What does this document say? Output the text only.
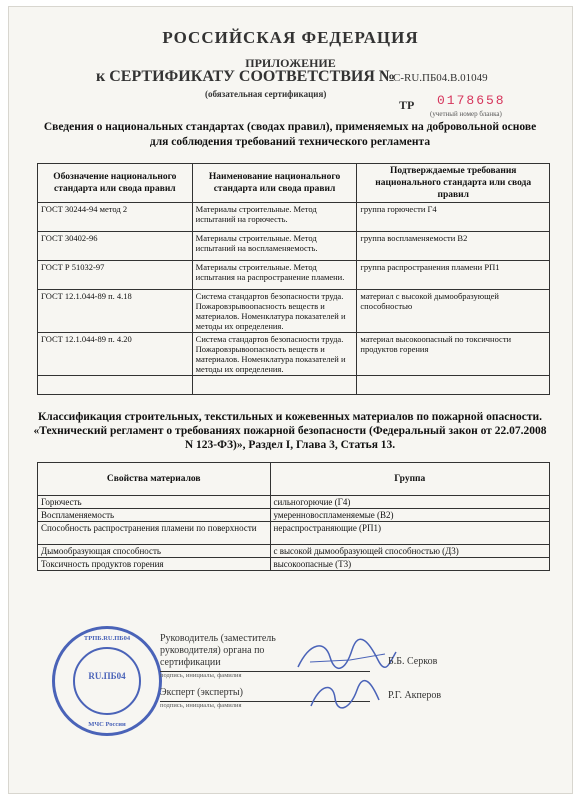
РОССИЙСКАЯ ФЕДЕРАЦИЯ
ПРИЛОЖЕНИЕ
к СЕРТИФИКАТУ СООТВЕТСТВИЯ №
C-RU.ПБ04.В.01049
(обязательная сертификация)
ТР 0178658
(учетный номер бланка)
Сведения о национальных стандартах (сводах правил), применяемых на добровольной основе для соблюдения требований технического регламента
Обозначение национального стандарта или свода правил	Наименование национального стандарта или свода правил	Подтверждаемые требования национального стандарта или свода правил
ГОСТ 30244-94 метод 2	Материалы строительные. Метод испытаний на горючесть.	группа горючести Г4
ГОСТ 30402-96	Материалы строительные. Метод испытаний на воспламеняемость.	группа воспламеняемости В2
ГОСТ Р 51032-97	Материалы строительные. Метод испытания на распространение пламени.	группа распространения пламени РП1
ГОСТ 12.1.044-89 п. 4.18	Система стандартов безопасности труда. Пожаровзрывоопасность веществ и материалов. Номенклатура показателей и методы их определения.	материал с высокой дымообразующей способностью
ГОСТ 12.1.044-89 п. 4.20	Система стандартов безопасности труда. Пожаровзрывоопасность веществ и материалов. Номенклатура показателей и методы их определения.	материал высокоопасный по токсичности продуктов горения

Классификация строительных, текстильных и кожевенных материалов по пожарной опасности. «Технический регламент о требованиях пожарной безопасности (Федеральный закон от 22.07.2008 N 123-ФЗ)», Раздел I, Глава 3, Статья 13.
Свойства материалов	Группа
Горючесть	сильногорючие (Г4)
Воспламеняемость	умеренновоспламеняемые (В2)
Способность распространения пламени по поверхности	нераспространяющие (РП1)
Дымообразующая способность	с высокой дымообразующей способностью (Д3)
Токсичность продуктов горения	высокоопасные (Т3)
ТРПБ.RU.ПБ04
RU.ПБ04
МЧС России
Руководитель (заместитель руководителя) органа по сертификации
подпись, инициалы, фамилия
Б.Б. Серков
Эксперт (эксперты)
подпись, инициалы, фамилия
Р.Г. Акперов
